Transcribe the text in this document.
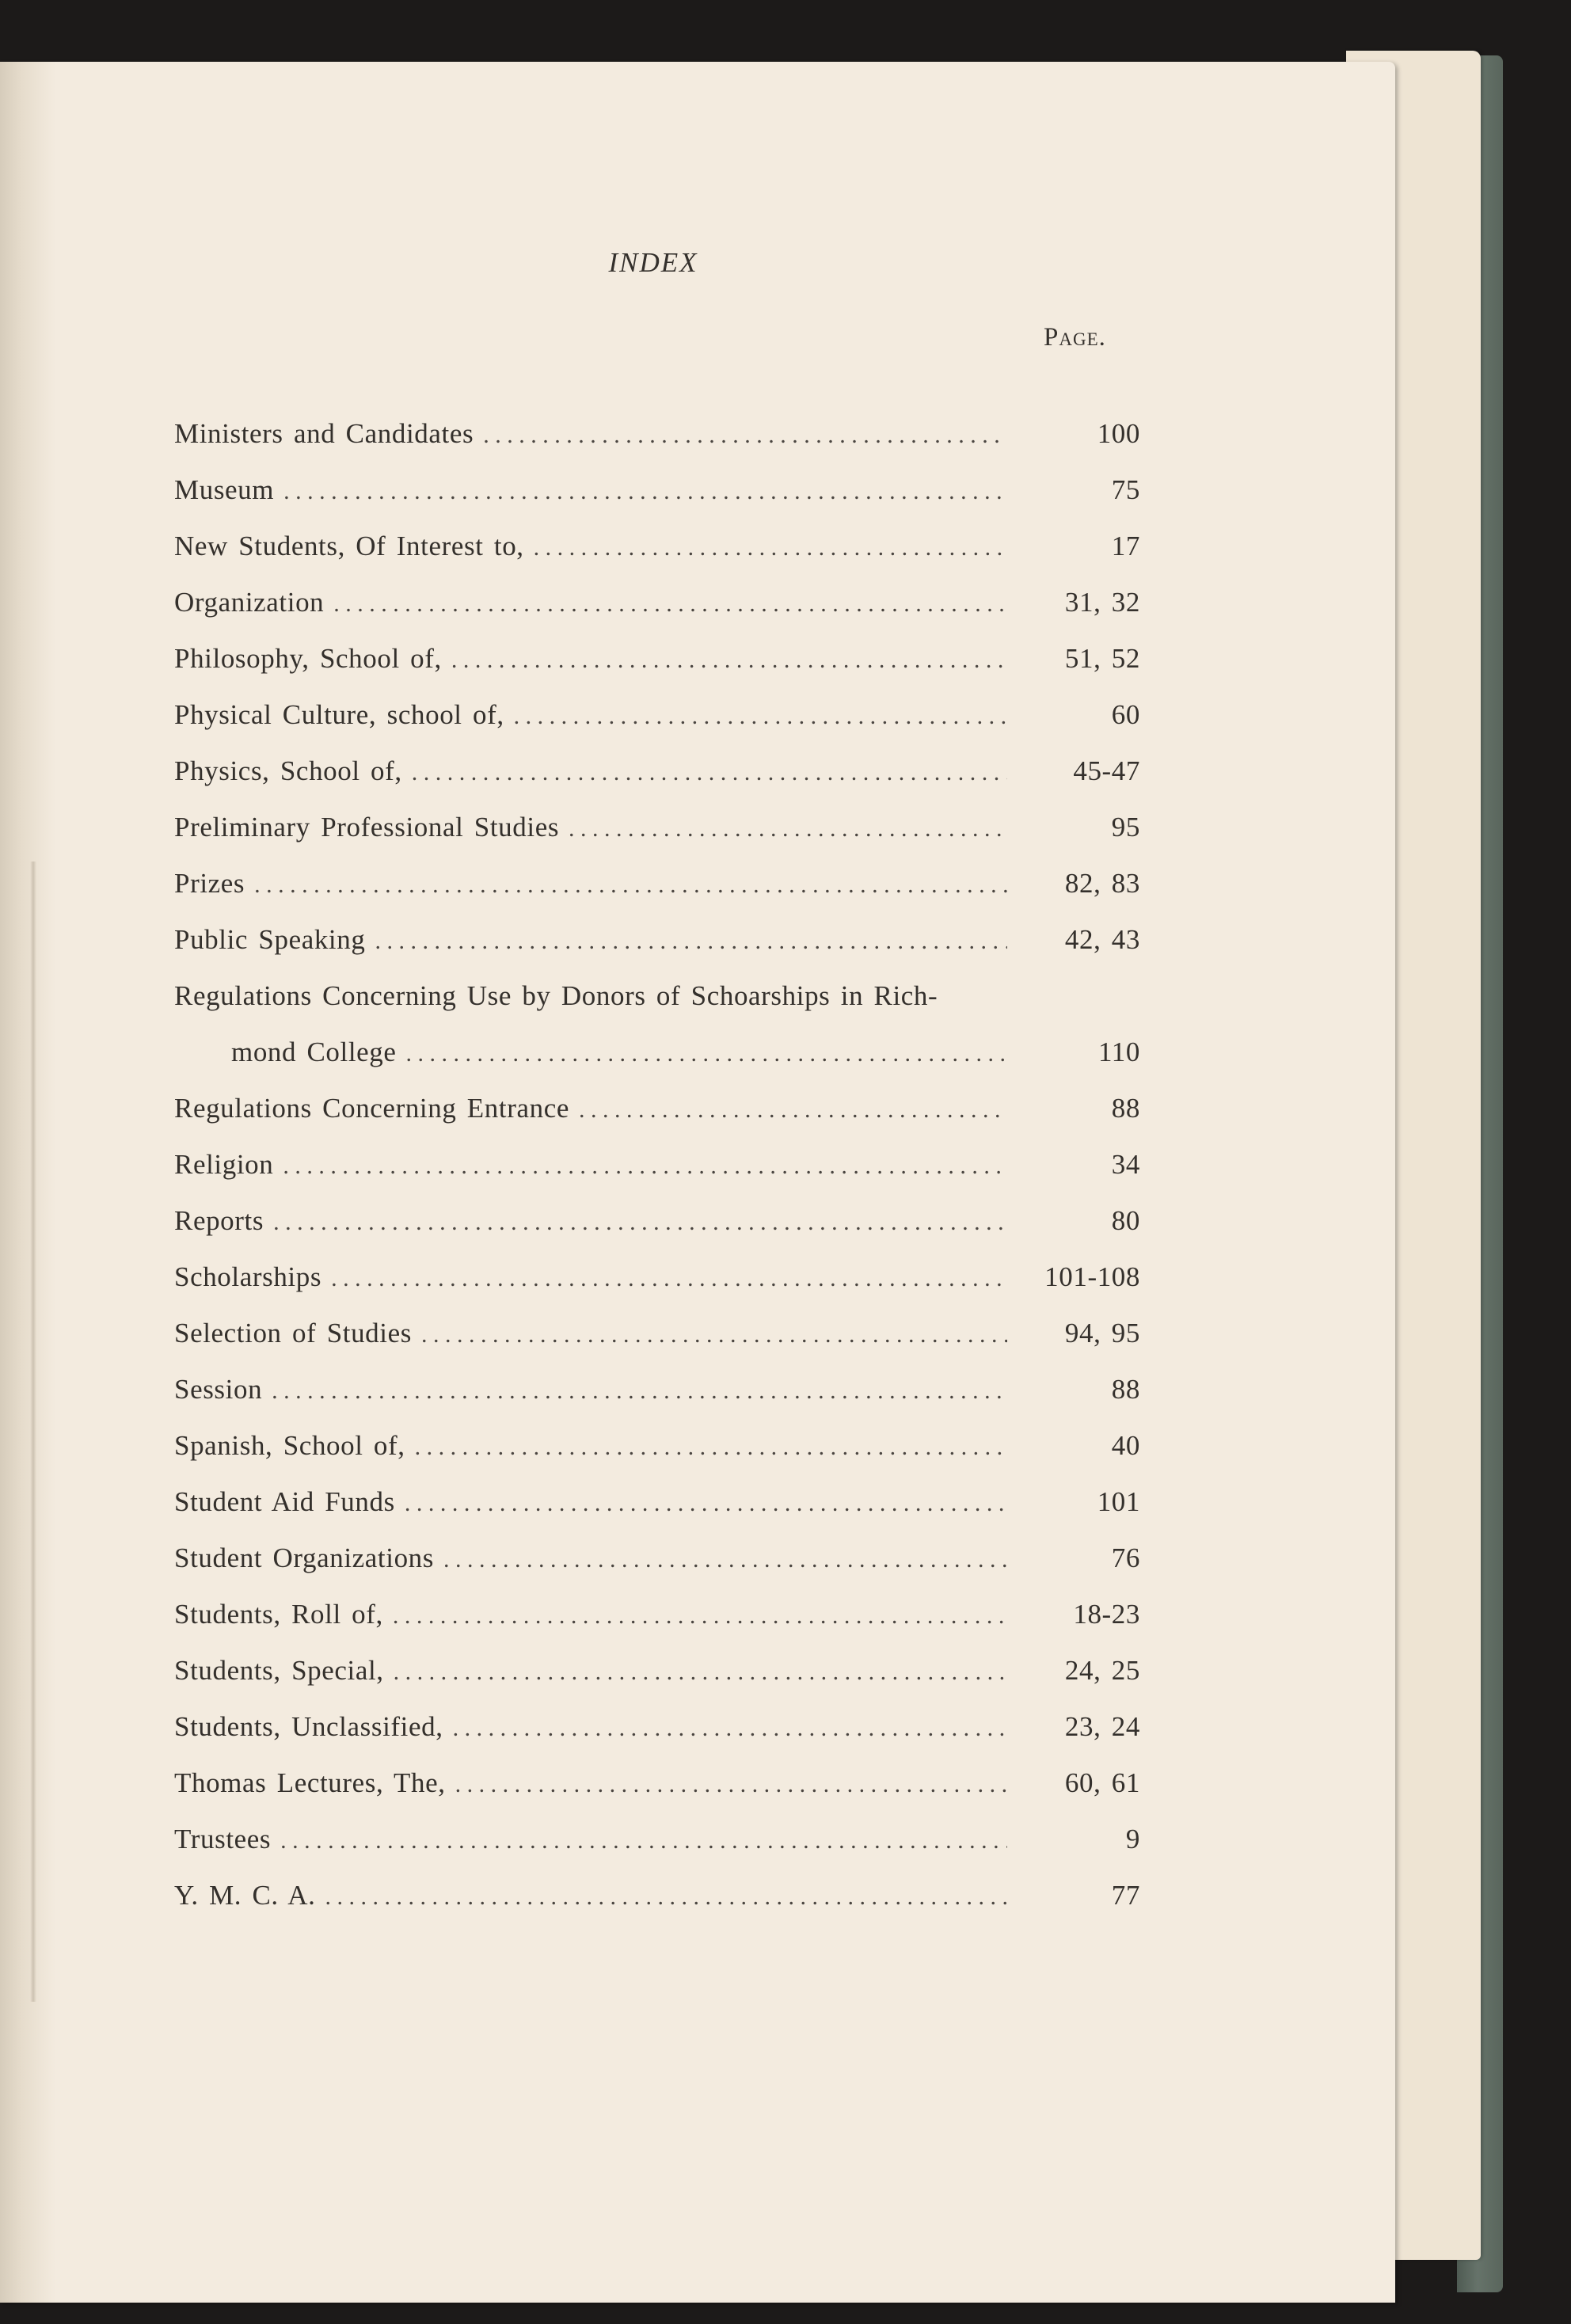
INDEX
Page.
Ministers and Candidates . . .	100
Museum . . .	75
New Students, Of Interest to, . . .	17
Organization . . .	31, 32
Philosophy, School of, . . .	51, 52
Physical Culture, school of, . . .	60
Physics, School of, . . .	45-47
Preliminary Professional Studies . . .	95
Prizes . . .	82, 83
Public Speaking . . .	42, 43
Regulations Concerning Use by Donors of Schoarships in Rich-
mond College . . .	110
Regulations Concerning Entrance . . .	88
Religion . . .	34
Reports . . .	80
Scholarships . . .	101-108
Selection of Studies . . .	94, 95
Session . . .	88
Spanish, School of, . . .	40
Student Aid Funds . . .	101
Student Organizations . . .	76
Students, Roll of, . . .	18-23
Students, Special, . . .	24, 25
Students, Unclassified, . . .	23, 24
Thomas Lectures, The, . . .	60, 61
Trustees . . .	9
Y. M. C. A. . . .	77
